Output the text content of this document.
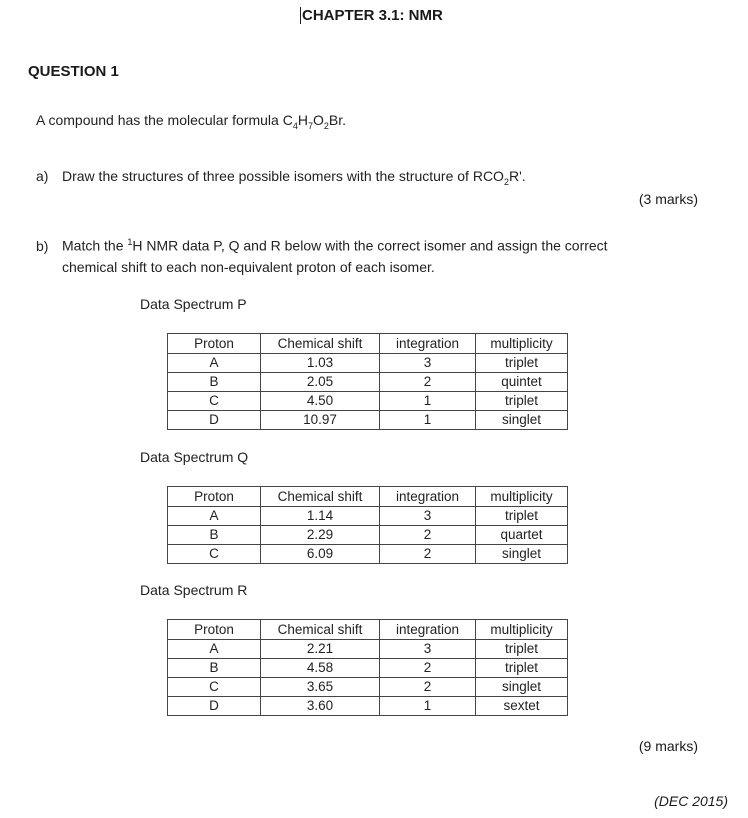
CHAPTER 3.1: NMR
QUESTION 1
A compound has the molecular formula $C_4H_7O_2Br$.
a) Draw the structures of three possible isomers with the structure of $RCO_2R'$.
(3 marks)
b) Match the $^1$H NMR data P, Q and R below with the correct isomer and assign the correct
chemical shift to each non-equivalent proton of each isomer.
Data Spectrum P
Proton	Chemical shift	integration	multiplicity
A	1.03	3	triplet
B	2.05	2	quintet
C	4.50	1	triplet
D	10.97	1	singlet
Data Spectrum Q
Proton	Chemical shift	integration	multiplicity
A	1.14	3	triplet
B	2.29	2	quartet
C	6.09	2	singlet
Data Spectrum R
Proton	Chemical shift	integration	multiplicity
A	2.21	3	triplet
B	4.58	2	triplet
C	3.65	2	singlet
D	3.60	1	sextet
(9 marks)
(DEC 2015)
